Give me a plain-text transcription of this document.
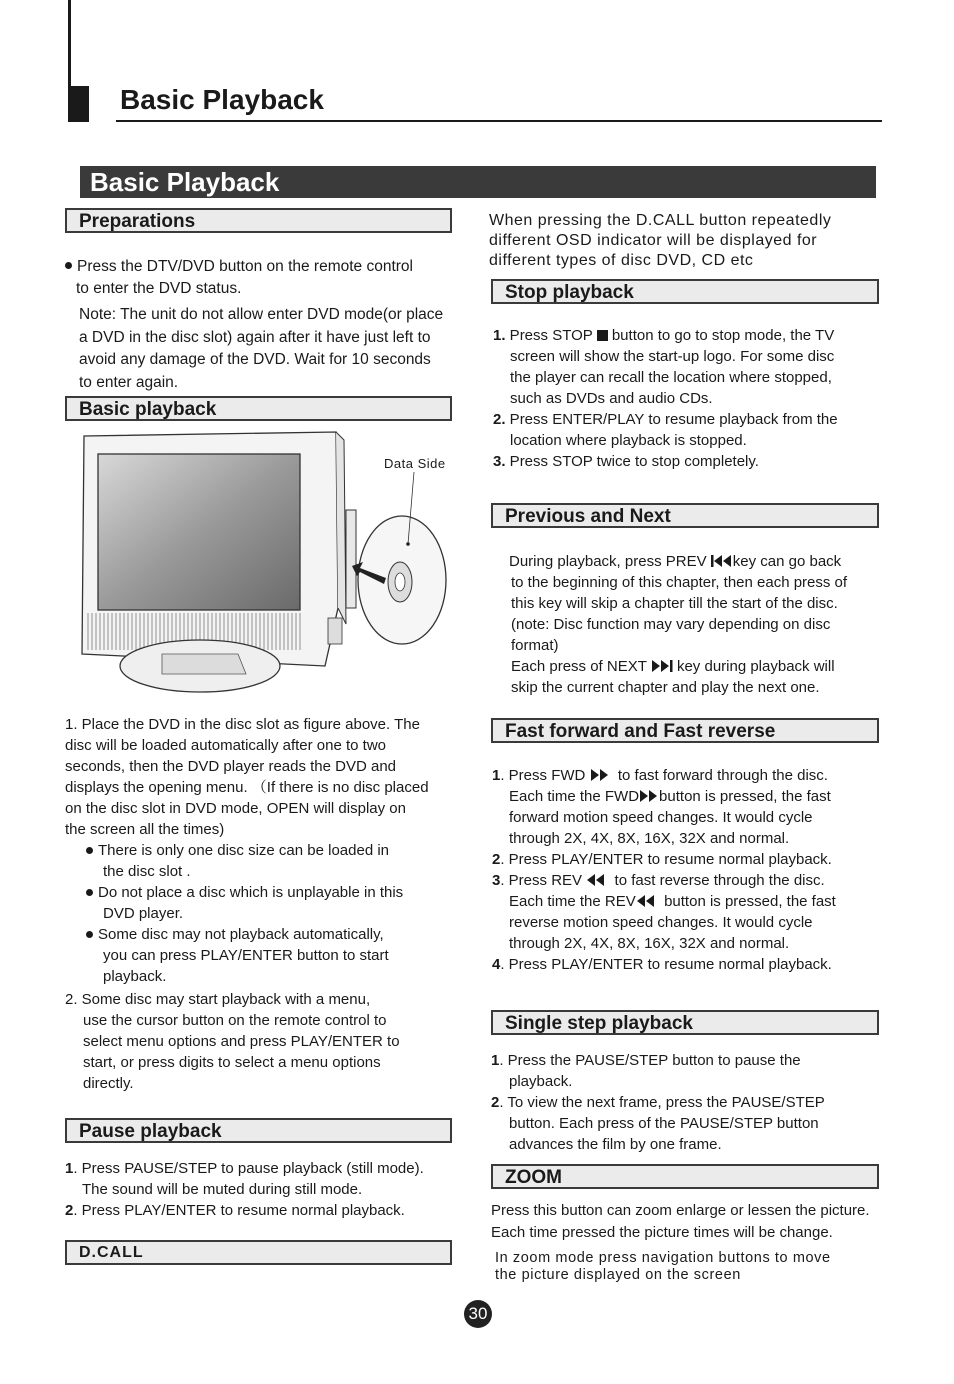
Basic Playback
Basic Playback
Preparations

Press the DTV/DVD button on the remote control

to enter the DVD status.

Note: The unit do not allow enter DVD mode(or place

a DVD in the disc slot) again after it have just left to

avoid any damage of the DVD. Wait for 10 seconds

to enter again.

Basic playback
Data Side

1. Place the DVD in the disc slot as figure above. The

disc will be loaded automatically after one to two

seconds, then the DVD player reads the DVD and

displays the opening menu. （If there is no disc placed

on the disc slot in DVD mode, OPEN will display on

the screen all the times)

There is only one disc size can be loaded in

the disc slot .

Do not place a disc which is unplayable in this

DVD player.

Some disc may not playback automatically,

you can press PLAY/ENTER button to start

playback.

2. Some disc may start playback with a menu,

use the cursor button on the remote control to

select menu options and press PLAY/ENTER to

start, or press digits to select a menu options

directly.

Pause playback

1. Press PAUSE/STEP to pause playback (still mode).

The sound will be muted during still mode.

2. Press PLAY/ENTER to resume normal playback.

D.CALL

When pressing the D.CALL button repeatedly

different OSD indicator will be displayed for

different types of disc DVD, CD etc

Stop playback

1. Press STOP  button to go to stop mode, the TV

screen will show the start-up logo. For some disc

the player can recall the location where stopped,

such as DVDs and audio CDs.

2. Press ENTER/PLAY to resume playback from the

location where playback is stopped.

3. Press STOP twice to stop completely.

Previous and Next

During playback, press PREV key can go back

to the beginning of this chapter, then each press of

this key will skip a chapter till the start of the disc.

(note: Disc function may vary depending on disc

format)

Each press of NEXT  key during playback will

skip the current chapter and play the next one.

Fast forward and Fast reverse

1. Press FWD to fast forward through the disc.

Each time the FWD button is pressed, the fast

forward motion speed changes. It would cycle

through 2X, 4X, 8X, 16X, 32X and normal.

2. Press PLAY/ENTER to resume normal playback.

3. Press REV to fast reverse through the disc.

Each time the REV button is pressed, the fast

reverse motion speed changes. It would cycle

through 2X, 4X, 8X, 16X, 32X and normal.

4. Press PLAY/ENTER to resume normal playback.

Single step playback

1. Press the PAUSE/STEP button to pause the

playback.

2. To view the next frame, press the PAUSE/STEP

button. Each press of the PAUSE/STEP button

advances the film by one frame.

ZOOM

Press this button can zoom enlarge or lessen the picture.

Each time pressed the picture times will be change.

In zoom mode press navigation buttons to move

the picture displayed on the screen

30
